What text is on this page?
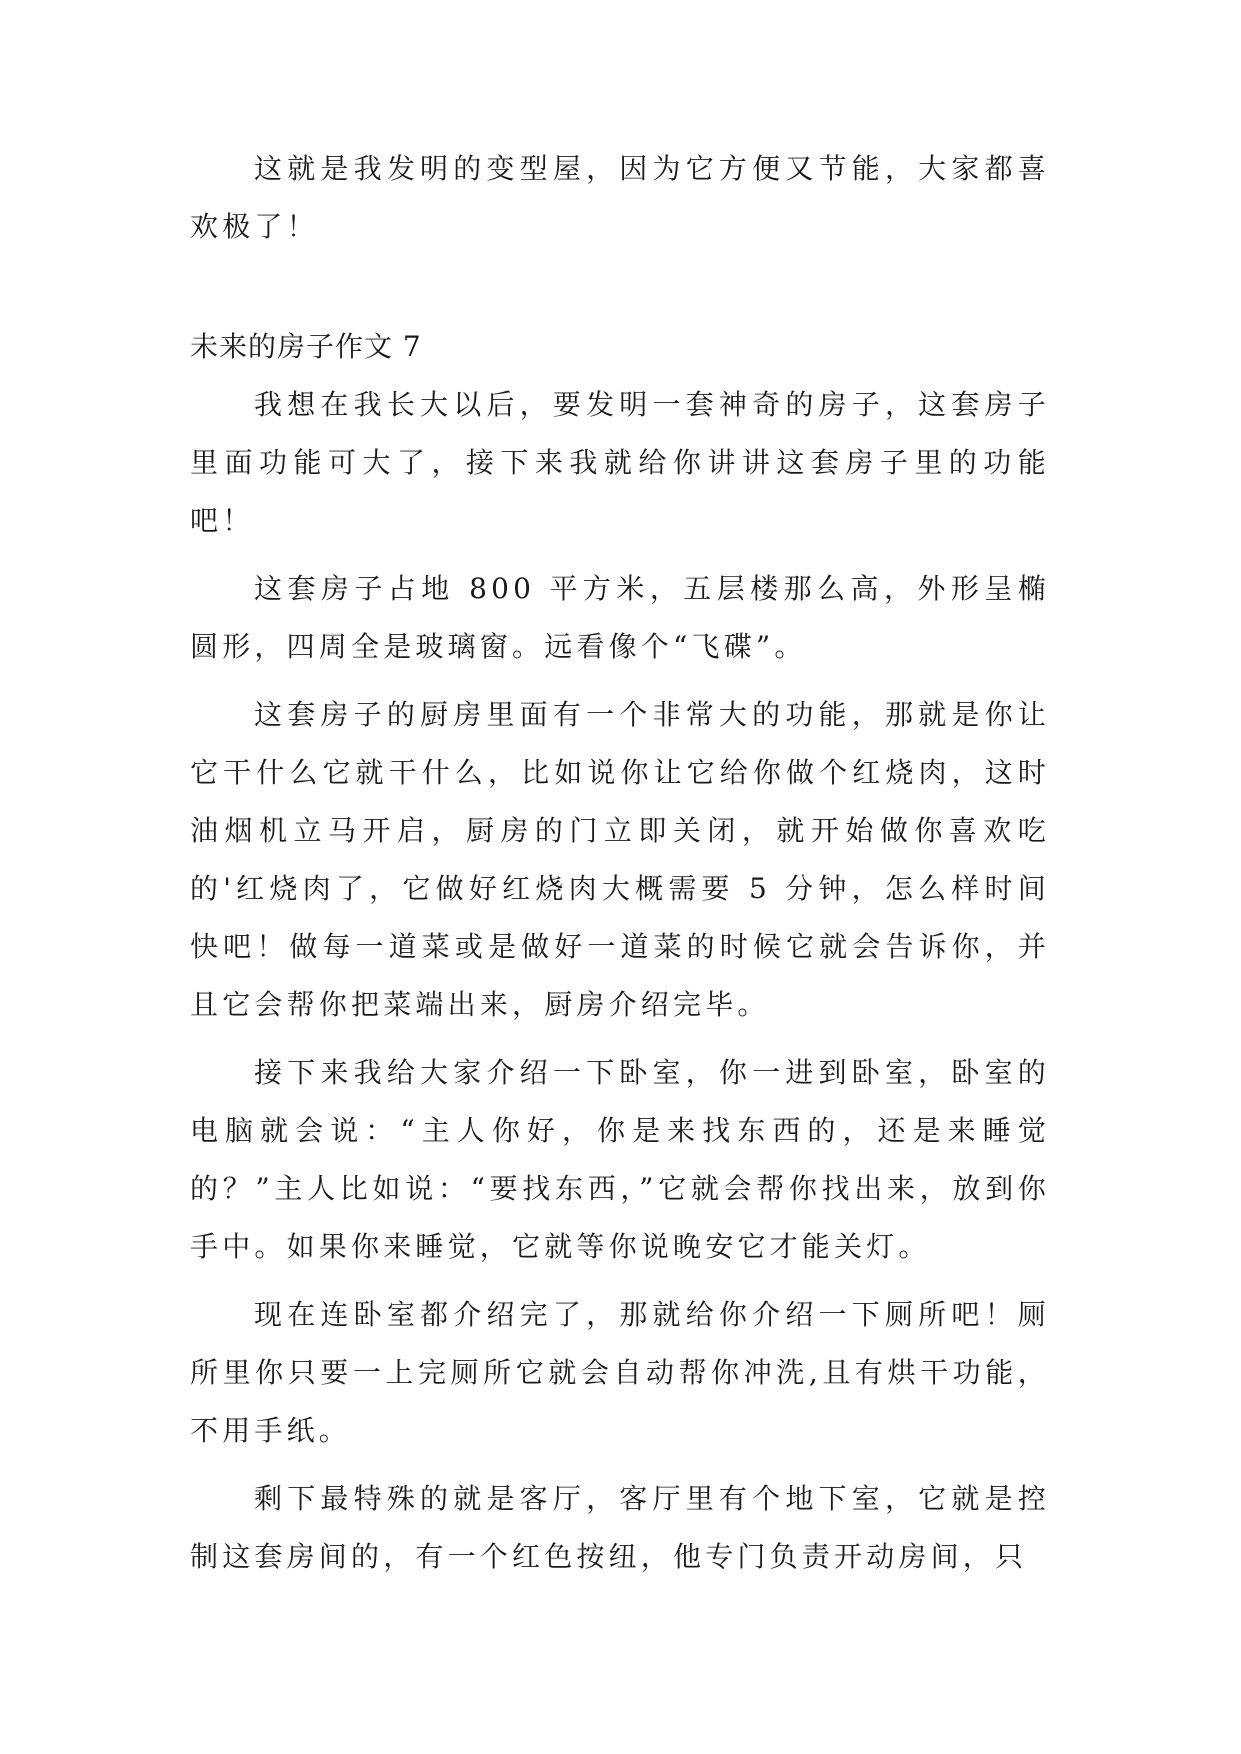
这就是我发明的变型屋，因为它方便又节能，大家都喜欢极了！

未来的房子作文 7

我想在我长大以后，要发明一套神奇的房子，这套房子里面功能可大了，接下来我就给你讲讲这套房子里的功能吧！

这套房子占地 800 平方米，五层楼那么高，外形呈椭圆形，四周全是玻璃窗。远看像个“飞碟”。

这套房子的厨房里面有一个非常大的功能，那就是你让它干什么它就干什么，比如说你让它给你做个红烧肉，这时油烟机立马开启，厨房的门立即关闭，就开始做你喜欢吃的'红烧肉了，它做好红烧肉大概需要 5 分钟，怎么样时间快吧！做每一道菜或是做好一道菜的时候它就会告诉你，并且它会帮你把菜端出来，厨房介绍完毕。

接下来我给大家介绍一下卧室，你一进到卧室，卧室的电脑就会说：“主人你好，你是来找东西的，还是来睡觉的？”主人比如说：“要找东西，”它就会帮你找出来，放到你手中。如果你来睡觉，它就等你说晚安它才能关灯。

现在连卧室都介绍完了，那就给你介绍一下厕所吧！厕所里你只要一上完厕所它就会自动帮你冲洗,且有烘干功能，不用手纸。

剩下最特殊的就是客厅，客厅里有个地下室，它就是控制这套房间的，有一个红色按纽，他专门负责开动房间，只
